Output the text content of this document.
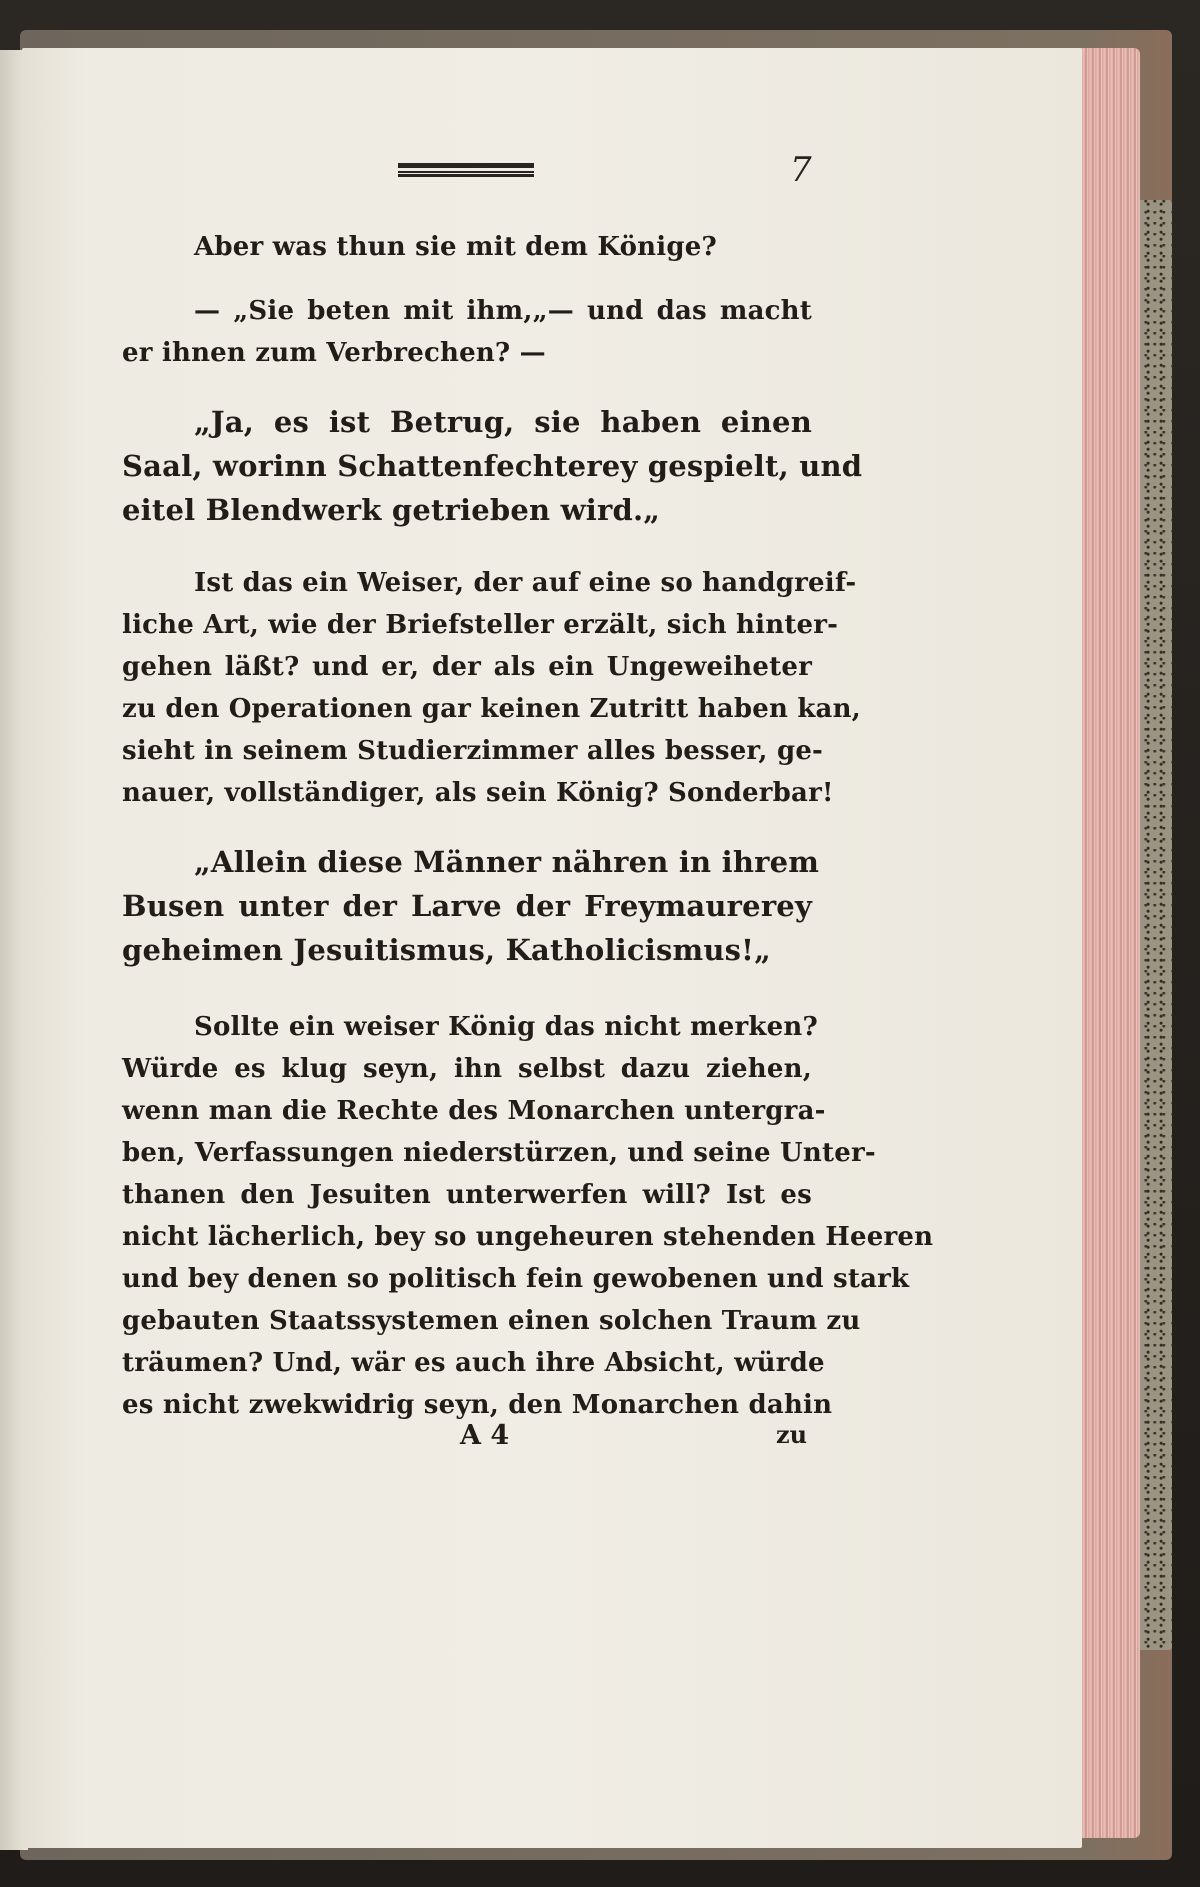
7
Aber was thun sie mit dem Könige?
— „Sie beten mit ihm,„— und das macht
er ihnen zum Verbrechen? —
„Ja, es ist Betrug, sie haben einen
Saal, worinn Schattenfechterey gespielt, und
eitel Blendwerk getrieben wird.„
Ist das ein Weiser, der auf eine so handgreif-
liche Art, wie der Briefsteller erzält, sich hinter-
gehen läßt? und er, der als ein Ungeweiheter
zu den Operationen gar keinen Zutritt haben kan,
sieht in seinem Studierzimmer alles besser, ge-
nauer, vollständiger, als sein König? Sonderbar!
„Allein diese Männer nähren in ihrem
Busen unter der Larve der Freymaurerey
geheimen Jesuitismus, Katholicismus!„
Sollte ein weiser König das nicht merken?
Würde es klug seyn, ihn selbst dazu ziehen,
wenn man die Rechte des Monarchen untergra-
ben, Verfassungen niederstürzen, und seine Unter-
thanen den Jesuiten unterwerfen will? Ist es
nicht lächerlich, bey so ungeheuren stehenden Heeren
und bey denen so politisch fein gewobenen und stark
gebauten Staatssystemen einen solchen Traum zu
träumen? Und, wär es auch ihre Absicht, würde
es nicht zwekwidrig seyn, den Monarchen dahin
A 4	zu
